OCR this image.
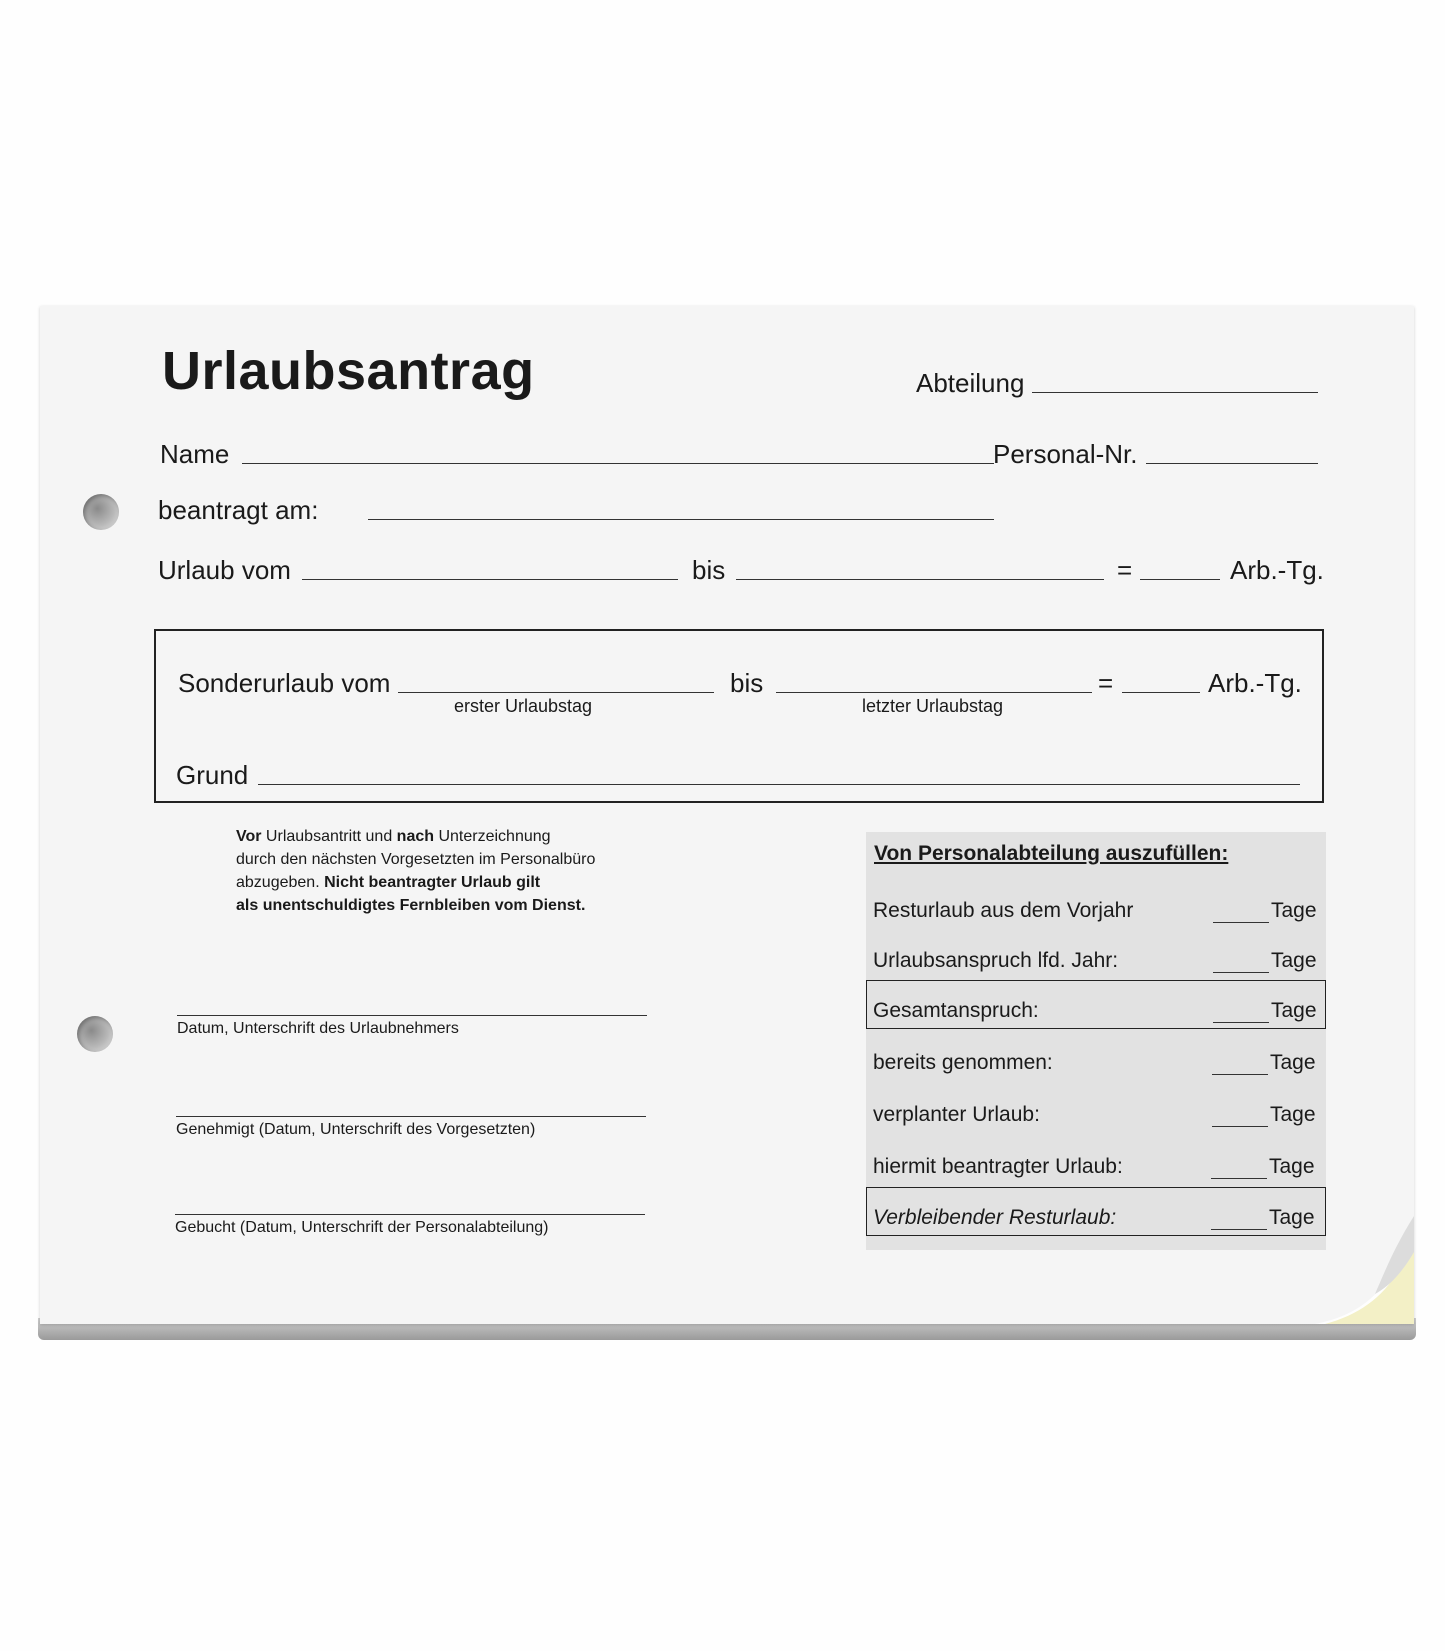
Urlaubsantrag	Abteilung
Name	Personal-Nr.
beantragt am:
Urlaub vom	bis	=	Arb.-Tg.
Sonderurlaub vom
erster Urlaubstag
bis
letzter Urlaubstag
=	Arb.-Tg.
Grund
Vor Urlaubsantritt und nach Unterzeichnung
durch den nächsten Vorgesetzten im Personalbüro
abzugeben. Nicht beantragter Urlaub gilt
als unentschuldigtes Fernbleiben vom Dienst.
Datum, Unterschrift des Urlaubnehmers
Genehmigt (Datum, Unterschrift des Vorgesetzten)
Gebucht (Datum, Unterschrift der Personalabteilung)
Von Personalabteilung auszufüllen:
Resturlaub aus dem Vorjahr	Tage
Urlaubsanspruch lfd. Jahr:	Tage
Gesamtanspruch:	Tage
bereits genommen:	Tage
verplanter Urlaub:	Tage
hiermit beantragter Urlaub:	Tage
Verbleibender Resturlaub:	Tage
